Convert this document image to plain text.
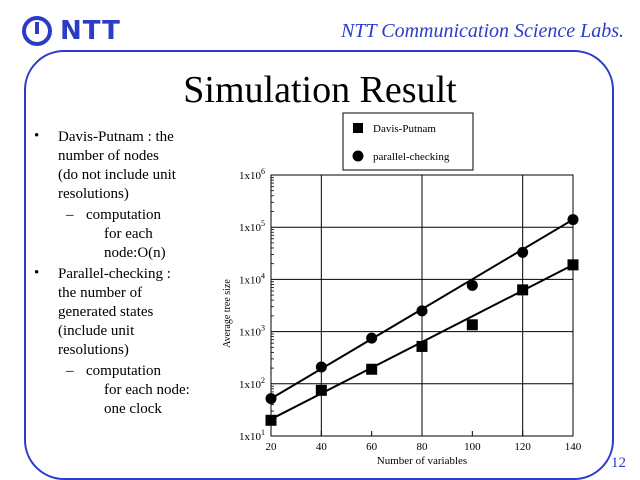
NTT	NTT Communication Science Labs.
Simulation Result
• Davis-Putnam : the
number of nodes
(do not include unit
resolutions)
– computation
for each
node:O(n)
• Parallel-checking :
the number of
generated states
(include unit
resolutions)
– computation
for each node:
one clock
20	40	60	80	100	120	140
$1x10^1$
$1x10^2$
$1x10^3$
$1x10^4$
$1x10^5$
$1x10^6$
Number of variables
Average tree size
Davis-Putnam
parallel-checking
12
